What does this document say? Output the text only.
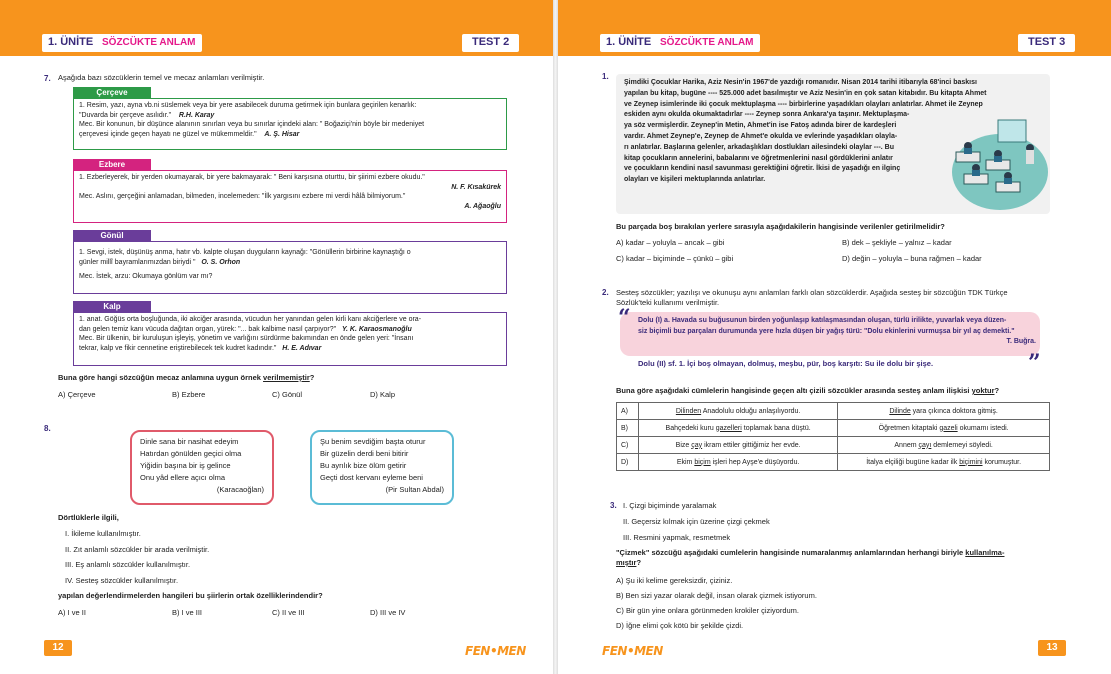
1. ÜNİTE SÖZCÜKTE ANLAM	TEST 2
7. Aşağıda bazı sözcüklerin temel ve mecaz anlamları verilmiştir.
Çerçeve
1. Resim, yazı, ayna vb.ni süslemek veya bir yere asabilecek duruma getirmek için bunlara geçirilen kenarlık:
"Duvarda bir çerçeve asılıdır." R.H. Karay
Mec. Bir konunun, bir düşünce alanının sınırları veya bu sınırlar içindeki alan: " Boğaziçi'nin böyle bir medeniyet
çerçevesi içinde geçen hayatı ne güzel ve mükemmeldir." A. Ş. Hisar
Ezbere
1. Ezberleyerek, bir yerden okumayarak, bir yere bakmayarak: " Beni karşısına oturttu, bir şiirimi ezbere okudu."
N. F. Kısakürek
Mec. Aslını, gerçeğini anlamadan, bilmeden, incelemeden: "İlk yargısını ezbere mi verdi hâlâ bilmiyorum."
A. Ağaoğlu
Gönül
1. Sevgi, istek, düşünüş anma, hatır vb. kalpte oluşan duyguların kaynağı: "Gönüllerin birbirine kaynaştığı o
günler millî bayramlarımızdan biriydi " O. S. Orhon
Mec. İstek, arzu: Okumaya gönlüm var mı?
Kalp
1. anat. Göğüs orta boşluğunda, iki akciğer arasında, vücudun her yanından gelen kirli kanı akciğerlere ve ora-
dan gelen temiz kanı vücuda dağıtan organ, yürek: "... bak kalbime nasıl çarpıyor?" Y. K. Karaosmanoğlu
Mec. Bir ülkenin, bir kuruluşun işleyiş, yönetim ve varlığını sürdürme bakımından en önde gelen yeri: "İnsanı
tekrar, kalp ve fikir cennetine eriştirebilecek tek kudret kadındır." H. E. Adıvar
Buna göre hangi sözcüğün mecaz anlamına uygun örnek verilmemiştir?
A) Çerçeve	B) Ezbere	C) Gönül	D) Kalp
8.
Dinle sana bir nasihat edeyim
Hatırdan gönülden geçici olma
Yiğidin başına bir iş gelince
Onu yâd ellere açıcı olma
(Karacaoğlan)
Şu benim sevdiğim başta oturur
Bir güzelin derdi beni bitirir
Bu ayrılık bize ölüm getirir
Geçti dost kervanı eyleme beni
(Pir Sultan Abdal)
Dörtlüklerle ilgili,
I. İkileme kullanılmıştır.
II. Zıt anlamlı sözcükler bir arada verilmiştir.
III. Eş anlamlı sözcükler kullanılmıştır.
IV. Sesteş sözcükler kullanılmıştır.
yapılan değerlendirmelerden hangileri bu şiirlerin ortak özelliklerindendir?
A) I ve II	B) I ve III	C) II ve III	D) III ve IV
12	FEN•MEN
1. ÜNİTE SÖZCÜKTE ANLAM	TEST 3
1.
Şimdiki Çocuklar Harika, Aziz Nesin'in 1967'de yazdığı romanıdır. Nisan 2014 tarihi itibarıyla 68'inci baskısı
yapılan bu kitap, bugüne ---- 525.000 adet basılmıştır ve Aziz Nesin'in en çok satan kitabıdır. Bu kitapta Ahmet
ve Zeynep isimlerinde iki çocuk mektuplaşma ---- birbirlerine yaşadıkları olayları anlatırlar. Ahmet ile Zeynep
eskiden aynı okulda okumaktadırlar ---- Zeynep sonra Ankara'ya taşınır. Mektuplaşma-
ya söz vermişlerdir. Zeynep'in Metin, Ahmet'in ise Fatoş adında birer de kardeşleri
vardır. Ahmet Zeynep'e, Zeynep de Ahmet'e okulda ve evlerinde yaşadıkları olayla-
rı anlatırlar. Başlarına gelenler, arkadaşlıkları dostlukları ailesindeki olaylar ---. Bu
kitap çocukların annelerini, babalarını ve öğretmenlerini nasıl gördüklerini anlatır
ve çocukların kendini nasıl savunması gerektiğini öğretir. İkisi de yaşadığı en ilginç
olayları ve kişileri mektuplarında anlatırlar.
Bu parçada boş bırakılan yerlere sırasıyla aşağıdakilerin hangisinde verilenler getirilmelidir?
A) kadar – yoluyla – ancak – gibi	B) dek – şekliyle – yalnız – kadar
C) kadar – biçiminde – çünkü – gibi	D) değin – yoluyla – buna rağmen – kadar
2. Sesteş sözcükler; yazılışı ve okunuşu aynı anlamları farklı olan sözcüklerdir. Aşağıda sesteş bir sözcüğün TDK Türkçe
Sözlük'teki kullanımı verilmiştir.
“ Dolu (I) a. Havada su buğusunun birden yoğunlaşıp katılaşmasından oluşan, türlü irilikte, yuvarlak veya düzen-
siz biçimli buz parçaları durumunda yere hızla düşen bir yağış türü: "Dolu ekinlerini vurmuşsa bir yıl aç demekti."
T. Buğra.
Dolu (II) sf. 1. İçi boş olmayan, dolmuş, meşbu, pür, boş karşıtı: Su ile dolu bir şişe.	”
Buna göre aşağıdaki cümlelerin hangisinde geçen altı çizili sözcükler arasında sesteş anlam ilişkisi yoktur?
A)	Dilinden Anadolulu olduğu anlaşılıyordu.	Dilinde yara çıkınca doktora gitmiş.
B)	Bahçedeki kuru gazelleri toplamak bana düştü.	Öğretmen kitaptaki gazeli okumamı istedi.
C)	Bize çay ikram ettiler gittiğimiz her evde.	Annem çayı demlemeyi söyledi.
D)	Ekim biçim işleri hep Ayşe'e düşüyordu.	İtalya elçiliği bugüne kadar ilk biçimini korumuştur.
3. I. Çizgi biçiminde yaralamak
II. Geçersiz kılmak için üzerine çizgi çekmek
III. Resmini yapmak, resmetmek
"Çizmek" sözcüğü aşağıdaki cumlelerin hangisinde numaralanmış anlamlarından herhangi biriyle kullanılma-
mıştır?
A) Şu iki kelime gereksizdir, çiziniz.
B) Ben sizi yazar olarak değil, insan olarak çizmek istiyorum.
C) Bir gün yine onlara görünmeden krokiler çiziyordum.
D) İğne elimi çok kötü bir şekilde çizdi.
FEN•MEN	13
